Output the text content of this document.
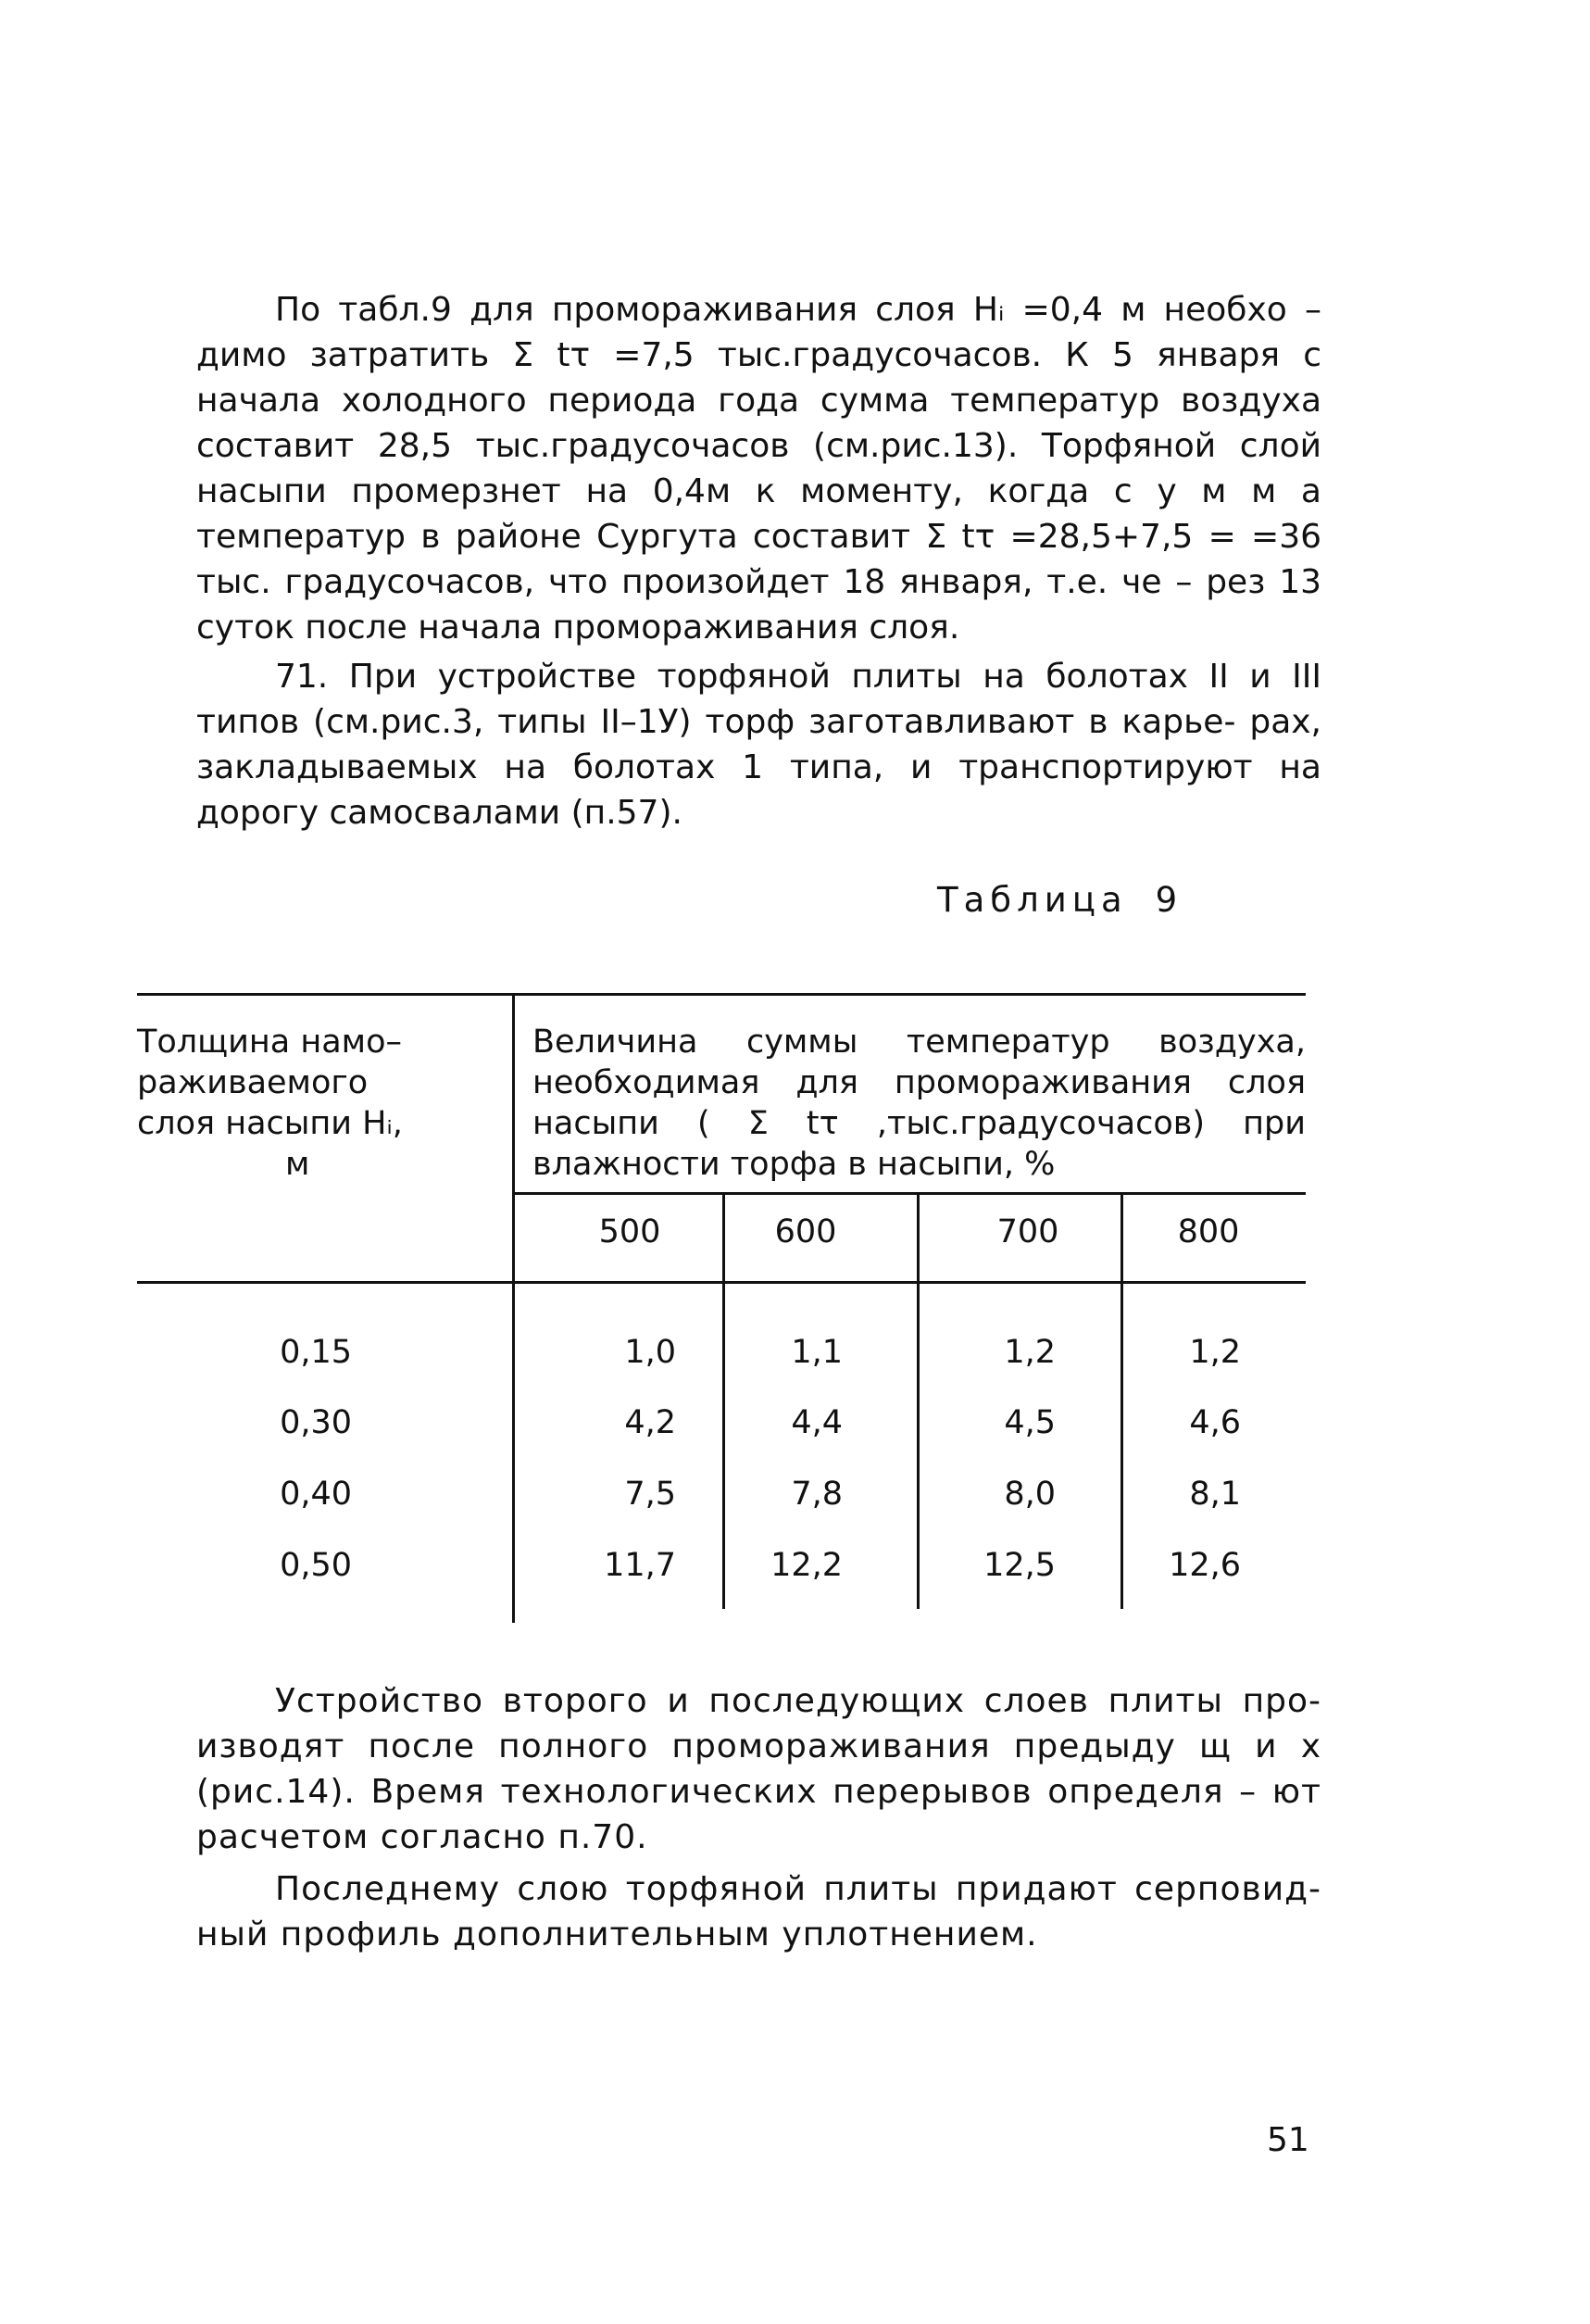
По табл.9 для промораживания слоя Hᵢ =0,4 м необхо – димо затратить Σ tτ =7,5 тыс.градусочасов. К 5 января с начала холодного периода года сумма температур воздуха составит 28,5 тыс.градусочасов (см.рис.13). Торфяной слой насыпи промерзнет на 0,4м к моменту, когда с у м м а температур в районе Сургута составит Σ tτ =28,5+7,5 = =36 тыс. градусочасов, что произойдет 18 января, т.е. че – рез 13 суток после начала промораживания слоя.

71. При устройстве торфяной плиты на болотах II и III типов (см.рис.3, типы II–1У) торф заготавливают в карье- рах, закладываемых на болотах 1 типа, и транспортируют на дорогу самосвалами (п.57).

Таблица 9
Толщина намо–
раживаемого
слоя насыпи Hᵢ,

м
Величина суммы температур воздуха, необходимая для промораживания слоя насыпи ( Σ tτ ,тыс.градусочасов) при влажности торфа в насыпи, %
500	600	700	800
0,15	1,0	1,1	1,2	1,2
0,30	4,2	4,4	4,5	4,6
0,40	7,5	7,8	8,0	8,1
0,50	11,7	12,2	12,5	12,6

Устройство второго и последующих слоев плиты про- изводят после полного промораживания предыду щ и х (рис.14). Время технологических перерывов определя – ют расчетом согласно п.70.

Последнему слою торфяной плиты придают серповид- ный профиль дополнительным уплотнением.

51
